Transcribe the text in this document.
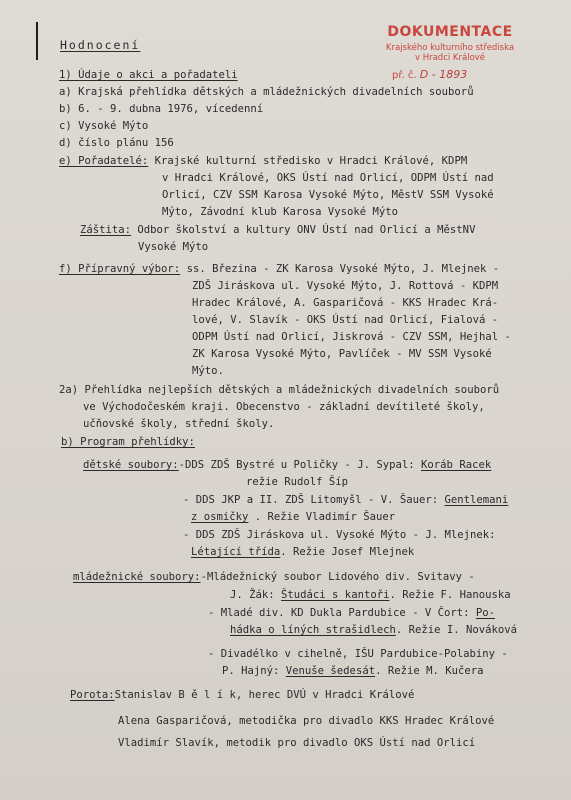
DOKUMENTACE
Krajského kulturního střediska
v Hradci Králové
př. č. D - 1893
Hodnocení
1) Údaje o akci a pořadateli
a) Krajská přehlídka dětských a mládežnických divadelních souborů
b) 6. - 9. dubna 1976, vícedenní
c) Vysoké Mýto
d) číslo plánu 156
e) Pořadatelé: Krajské kulturní středisko v Hradci Králové, KDPM
v Hradci Králové, OKS Ústí nad Orlicí, ODPM Ústí nad
Orlicí, CZV SSM Karosa Vysoké Mýto, MěstV SSM Vysoké
Mýto, Závodní klub Karosa Vysoké Mýto
Záštita: Odbor školství a kultury ONV Ústí nad Orlicí a MěstNV
Vysoké Mýto
f) Přípravný výbor: ss. Březina - ZK Karosa Vysoké Mýto, J. Mlejnek -
ZDŠ Jiráskova ul. Vysoké Mýto, J. Rottová - KDPM
Hradec Králové, A. Gasparičová - KKS Hradec Krá-
lové, V. Slavík - OKS Ústí nad Orlicí, Fialová -
ODPM Ústí nad Orlicí, Jiskrová - CZV SSM, Hejhal -
ZK Karosa Vysoké Mýto, Pavlíček - MV SSM Vysoké
Mýto.
2a) Přehlídka nejlepších dětských a mládežnických divadelních souborů
ve Východočeském kraji. Obecenstvo - základní devítileté školy,
učňovské školy, střední školy.
b) Program přehlídky:
dětské soubory:-DDS ZDŠ Bystré u Poličky - J. Sypal: Koráb Racek
režie Rudolf Šíp
- DDS JKP a II. ZDŠ Litomyšl - V. Šauer: Gentlemani
z osmičky . Režie Vladimír Šauer
- DDS ZDŠ Jiráskova ul. Vysoké Mýto - J. Mlejnek:
Létající třída. Režie Josef Mlejnek
mládežnické soubory:-Mládežnický soubor Lidového div. Svitavy -
J. Žák: Študáci s kantoři. Režie F. Hanouska
- Mladé div. KD Dukla Pardubice - V Čort: Po-
hádka o líných strašidlech. Režie I. Nováková
- Divadélko v cihelně, IŠU Pardubice-Polabiny -
P. Hajný: Venuše šedesát. Režie M. Kučera
Porota:Stanislav B ě l í k, herec DVÚ v Hradci Králové
Alena Gasparičová, metodička pro divadlo KKS Hradec Králové
Vladimír Slavík, metodik pro divadlo OKS Ústí nad Orlicí
